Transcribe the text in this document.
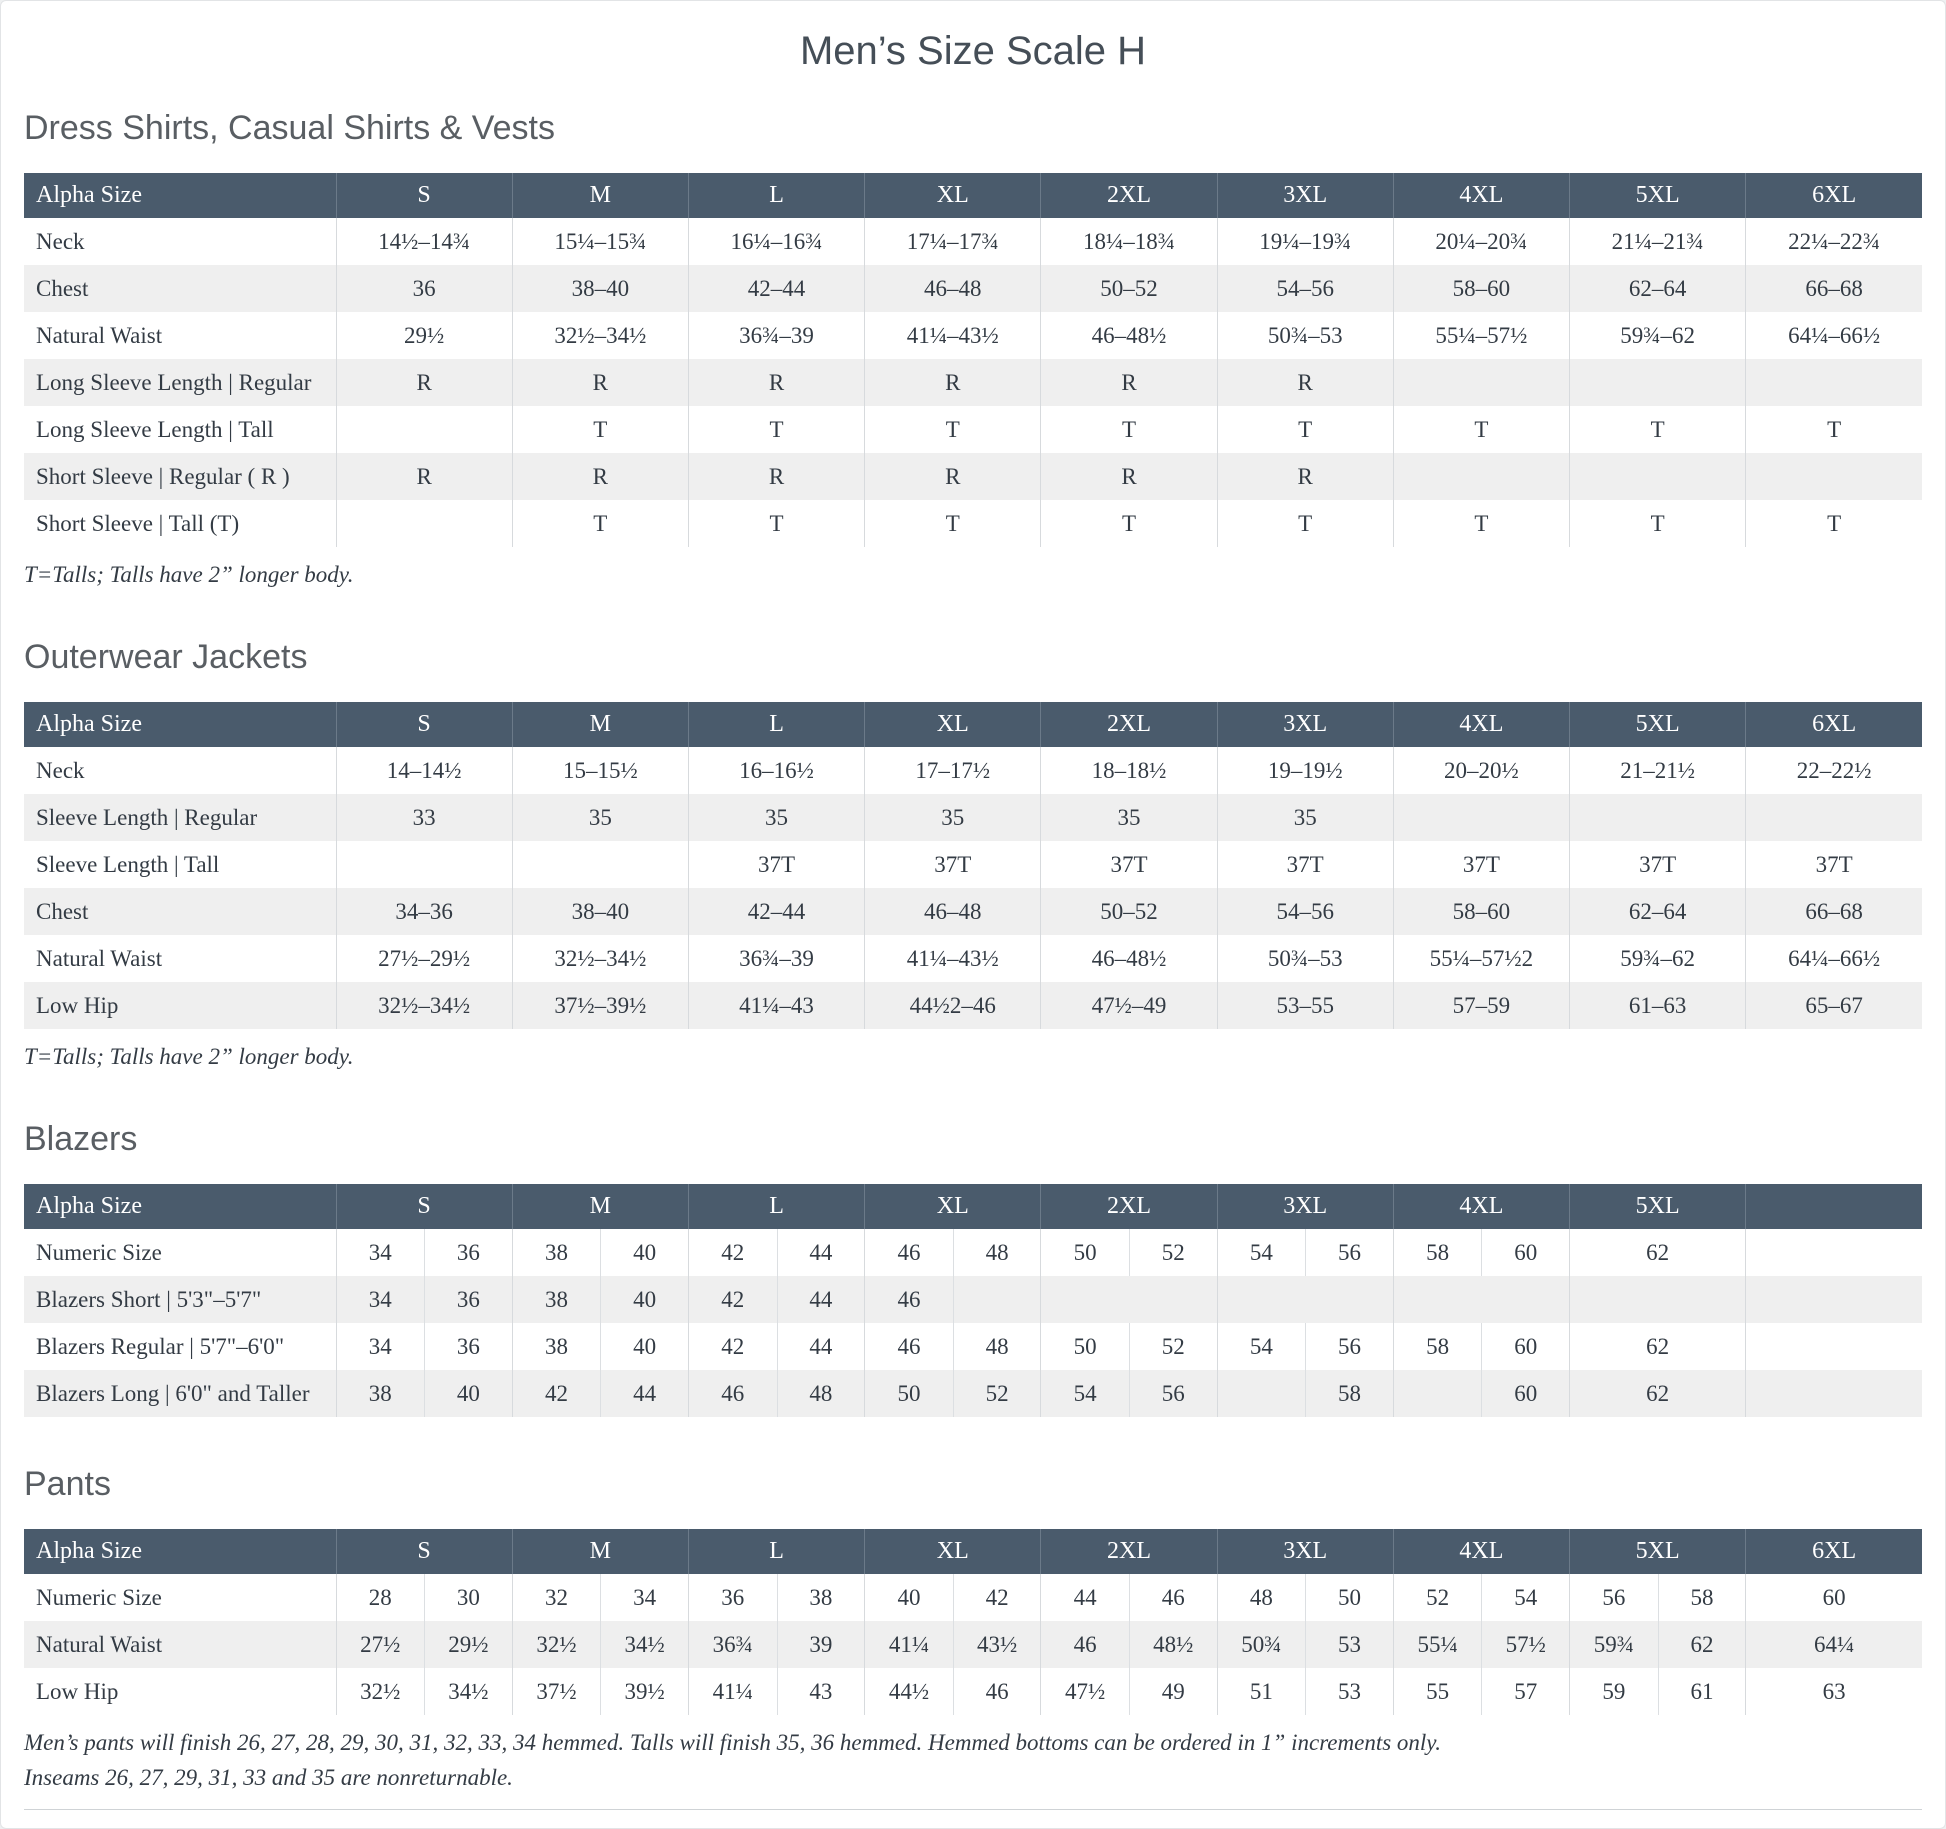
Men’s Size Scale H
Dress Shirts, Casual Shirts & Vests
Alpha Size	S	M	L	XL	2XL	3XL	4XL	5XL	6XL
Neck	14½–14¾	15¼–15¾	16¼–16¾	17¼–17¾	18¼–18¾	19¼–19¾	20¼–20¾	21¼–21¾	22¼–22¾
Chest	36	38–40	42–44	46–48	50–52	54–56	58–60	62–64	66–68
Natural Waist	29½	32½–34½	36¾–39	41¼–43½	46–48½	50¾–53	55¼–57½	59¾–62	64¼–66½
Long Sleeve Length | Regular	R	R	R	R	R	R			
Long Sleeve Length | Tall		T	T	T	T	T	T	T	T
Short Sleeve | Regular ( R )	R	R	R	R	R	R			
Short Sleeve | Tall (T)		T	T	T	T	T	T	T	T

T=Talls; Talls have 2” longer body.

Outerwear Jackets
Alpha Size	S	M	L	XL	2XL	3XL	4XL	5XL	6XL
Neck	14–14½	15–15½	16–16½	17–17½	18–18½	19–19½	20–20½	21–21½	22–22½
Sleeve Length | Regular	33	35	35	35	35	35			
Sleeve Length | Tall			37T	37T	37T	37T	37T	37T	37T
Chest	34–36	38–40	42–44	46–48	50–52	54–56	58–60	62–64	66–68
Natural Waist	27½–29½	32½–34½	36¾–39	41¼–43½	46–48½	50¾–53	55¼–57½2	59¾–62	64¼–66½
Low Hip	32½–34½	37½–39½	41¼–43	44½2–46	47½–49	53–55	57–59	61–63	65–67

T=Talls; Talls have 2” longer body.

Blazers
Alpha Size	S	M	L	XL	2XL	3XL	4XL	5XL	
Numeric Size	34 36	38 40	42 44	46 48	50 52	54 56	58 60	62	
Blazers Short | 5'3"–5'7"	34 36	38 40	42 44	46					

Blazers Regular | 5'7"–6'0"	34 36	38 40	42 44	46 48	50 52	54 56	58 60	62	
Blazers Long | 6'0" and Taller	38 40	42 44	46 48	50 52	54 56	58	60	62	
Pants
Alpha Size	S	M	L	XL	2XL	3XL	4XL	5XL	6XL
Numeric Size	28 30	32 34	36 38	40 42	44 46	48 50	52 54	56 58	60
Natural Waist	27½ 29½	32½ 34½	36¾ 39	41¼ 43½	46 48½	50¾ 53	55¼ 57½	59¾ 62	64¼
Low Hip	32½ 34½	37½ 39½	41¼ 43	44½ 46	47½ 49	51 53	55 57	59 61	63

Men’s pants will finish 26, 27, 28, 29, 30, 31, 32, 33, 34 hemmed. Talls will finish 35, 36 hemmed. Hemmed bottoms can be ordered in 1” increments only.

Inseams 26, 27, 29, 31, 33 and 35 are nonreturnable.
